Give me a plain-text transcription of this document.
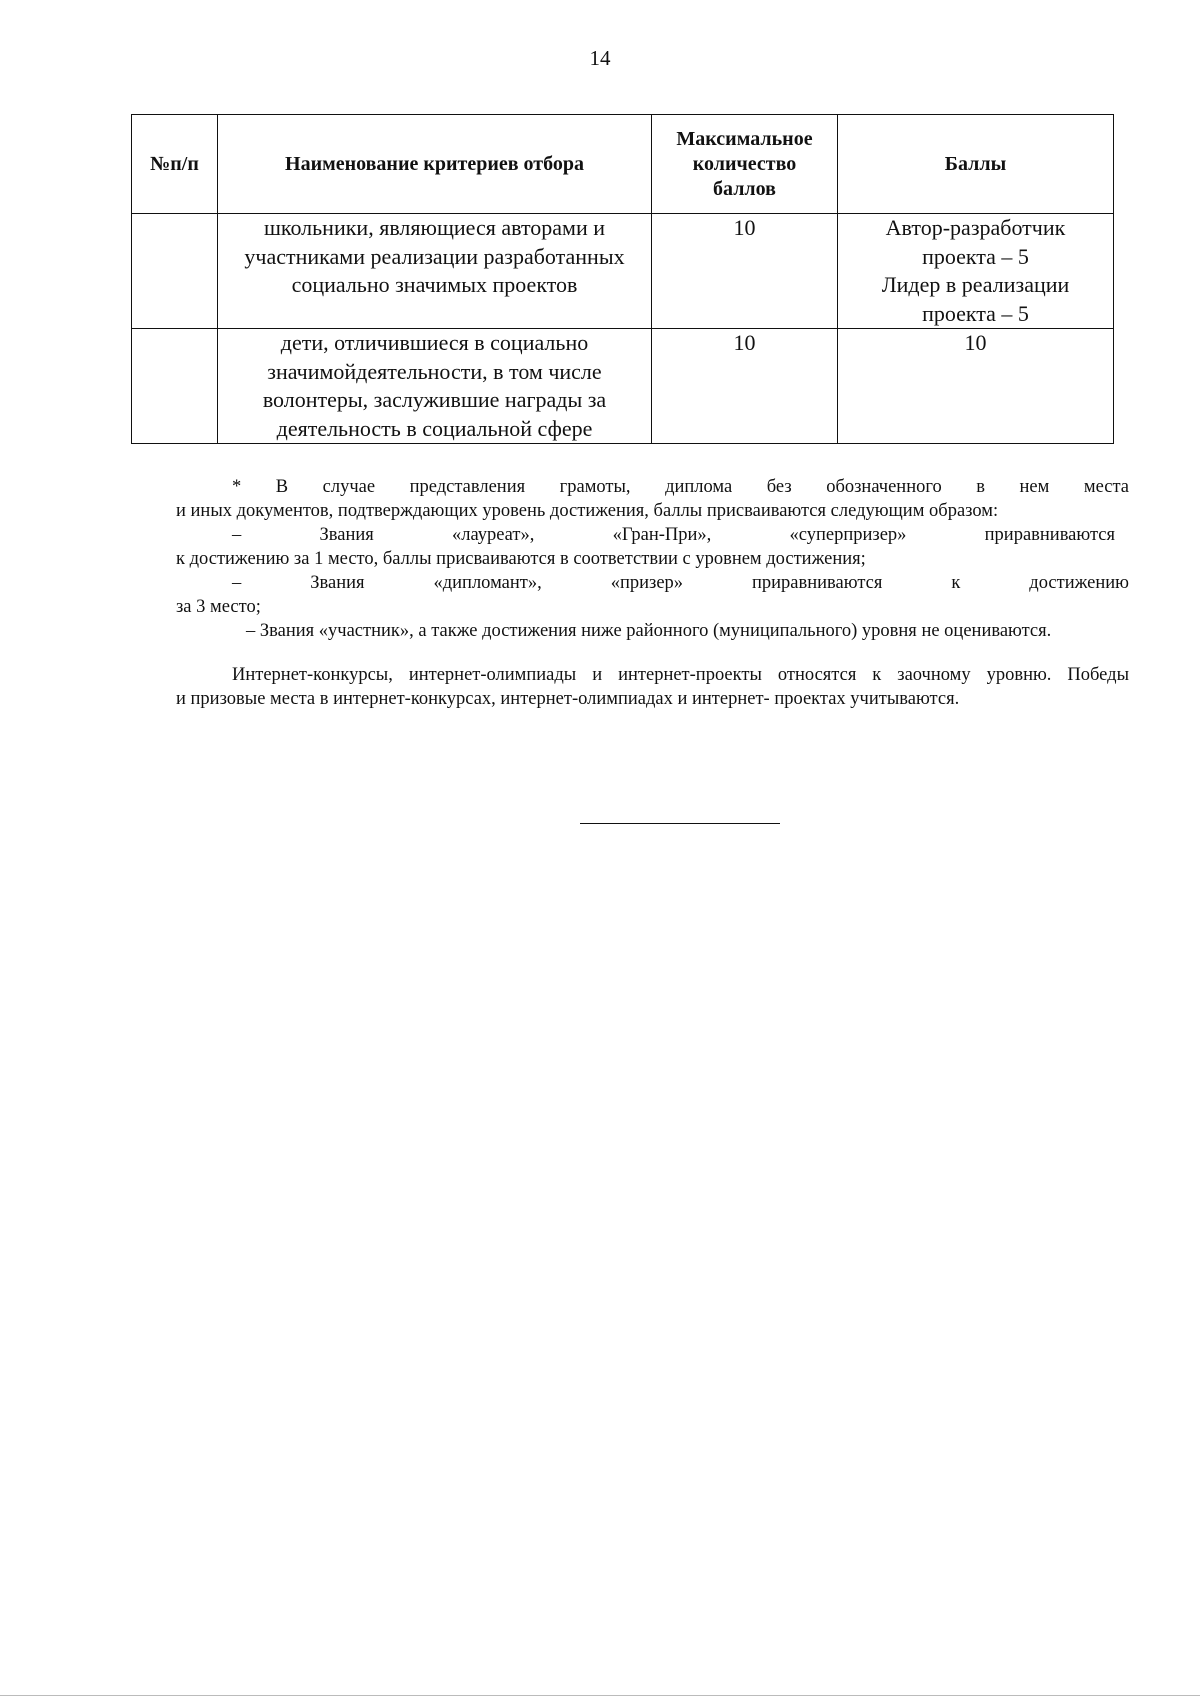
14
№п/п	Наименование критериев отбора	Максимальное количество баллов	Баллы
	школьники, являющиеся авторами и участниками реализации разработанных социально значимых проектов	10	Автор-разработчик проекта – 5
Лидер в реализации проекта – 5

	дети, отличившиеся в социально значимойдеятельности, в том числе волонтеры, заслужившие награды за деятельность в социальной сфере	10	10

* В случае представления грамоты, диплома без обозначенного в нем места

и иных документов, подтверждающих уровень достижения, баллы присваиваются следующим образом:

– Звания «лауреат», «Гран-При», «суперпризер» приравниваются

к достижению за 1 место, баллы присваиваются в соответствии с уровнем достижения;

– Звания «дипломант», «призер» приравниваются к достижению

за 3 место;

– Звания «участник», а также достижения ниже районного (муниципального) уровня не оцениваются.

Интернет-конкурсы, интернет-олимпиады и интернет-проекты относятся к заочному уровню. Победы

и призовые места в интернет-конкурсах, интернет-олимпиадах и интернет- проектах учитываются.
